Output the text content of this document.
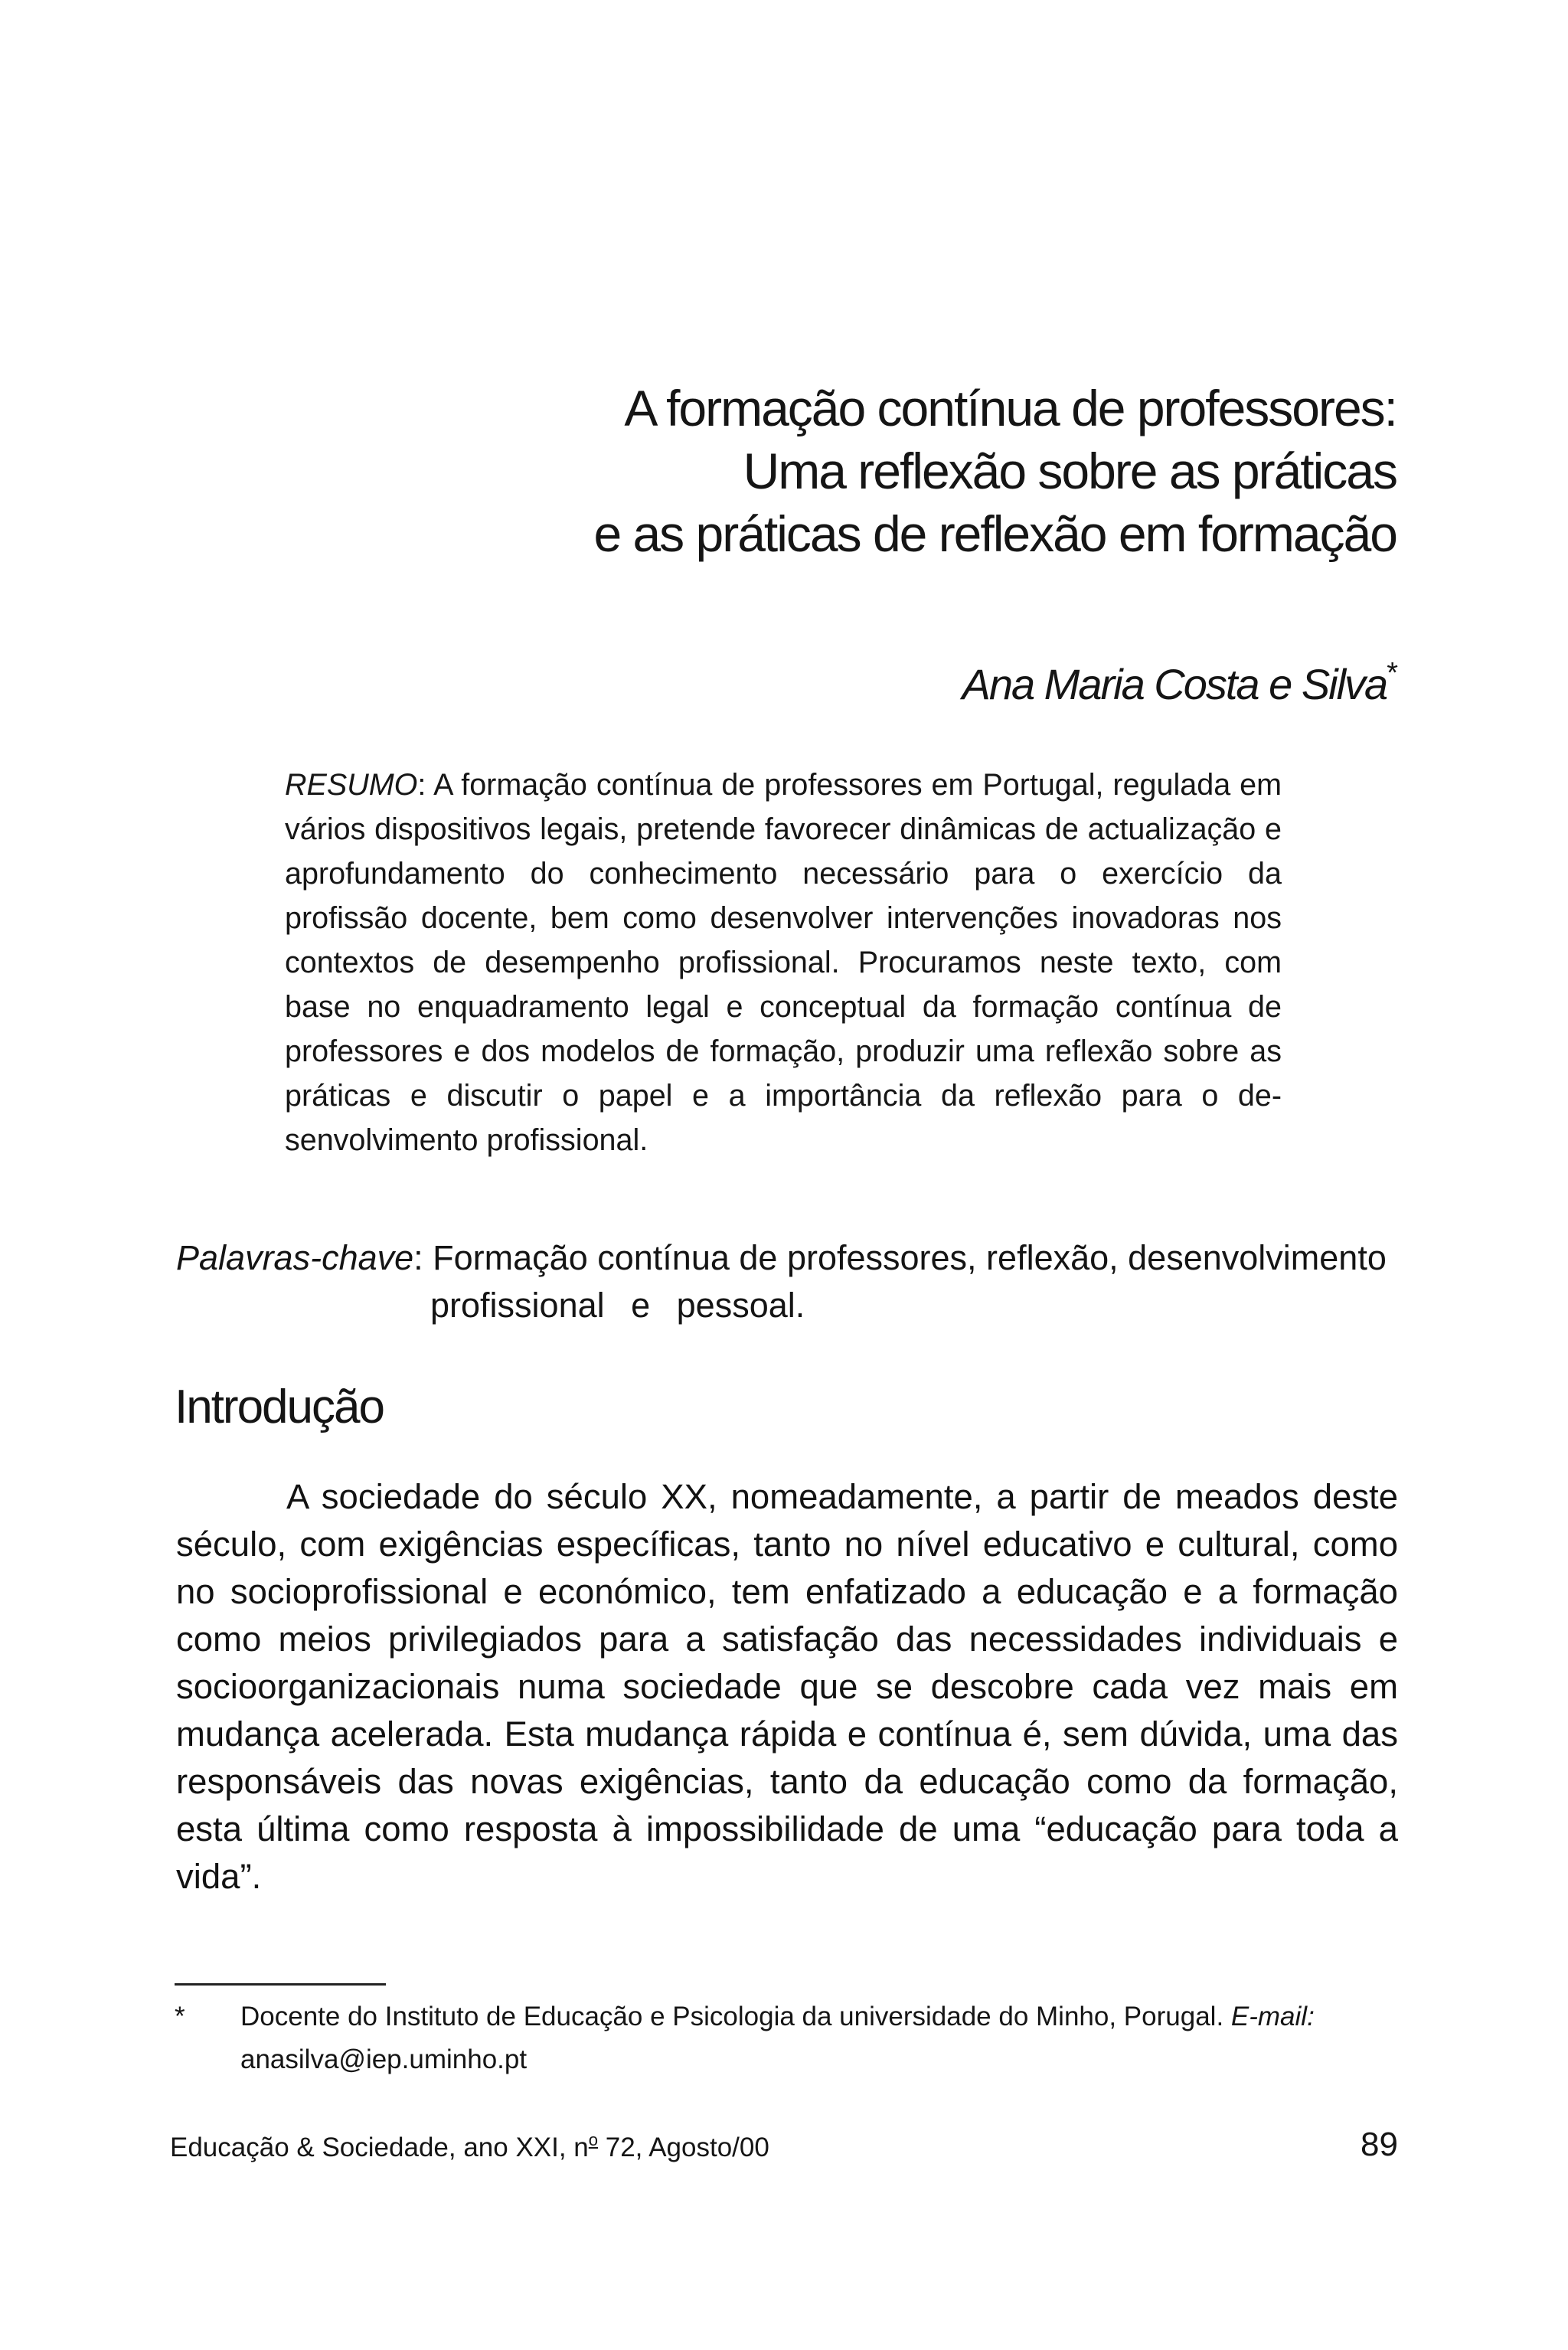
A formação contínua de professores:
Uma reflexão sobre as práticas
e as práticas de reflexão em formação
Ana Maria Costa e Silva*

RESUMO: A formação contínua de professores em Portugal, regulada em vários dispositivos legais, pretende favorecer dinâmicas de actualização e aprofundamento do conhecimento necessário para o exercício da profissão docente, bem como desenvolver intervenções inovadoras nos contextos de desempenho profissional. Procuramos neste texto, com base no enquadramento legal e conceptual da formação contínua de professores e dos modelos de formação, produzir uma reflexão sobre as práticas e discutir o papel e a importância da reflexão para o de-senvolvimento profissional.

Palavras-chave: Formação contínua de professores, reflexão, desenvolvimento
profissional e pessoal.
Introdução

A sociedade do século XX, nomeadamente, a partir de meados deste século, com exigências específicas, tanto no nível educativo e cultural, como no socioprofissional e económico, tem enfatizado a educação e a formação como meios privilegiados para a satisfação das necessidades individuais e socioorganizacionais numa sociedade que se descobre cada vez mais em mudança acelerada. Esta mudança rápida e contínua é, sem dúvida, uma das responsáveis das novas exigências, tanto da educação como da formação, esta última como resposta à impossibilidade de uma “educação para toda a vida”.

*	Docente do Instituto de Educação e Psicologia da universidade do Minho, Porugal. E-mail: anasilva@iep.uminho.pt
Educação & Sociedade, ano XXI, $n^o$ 72, Agosto/00	89
